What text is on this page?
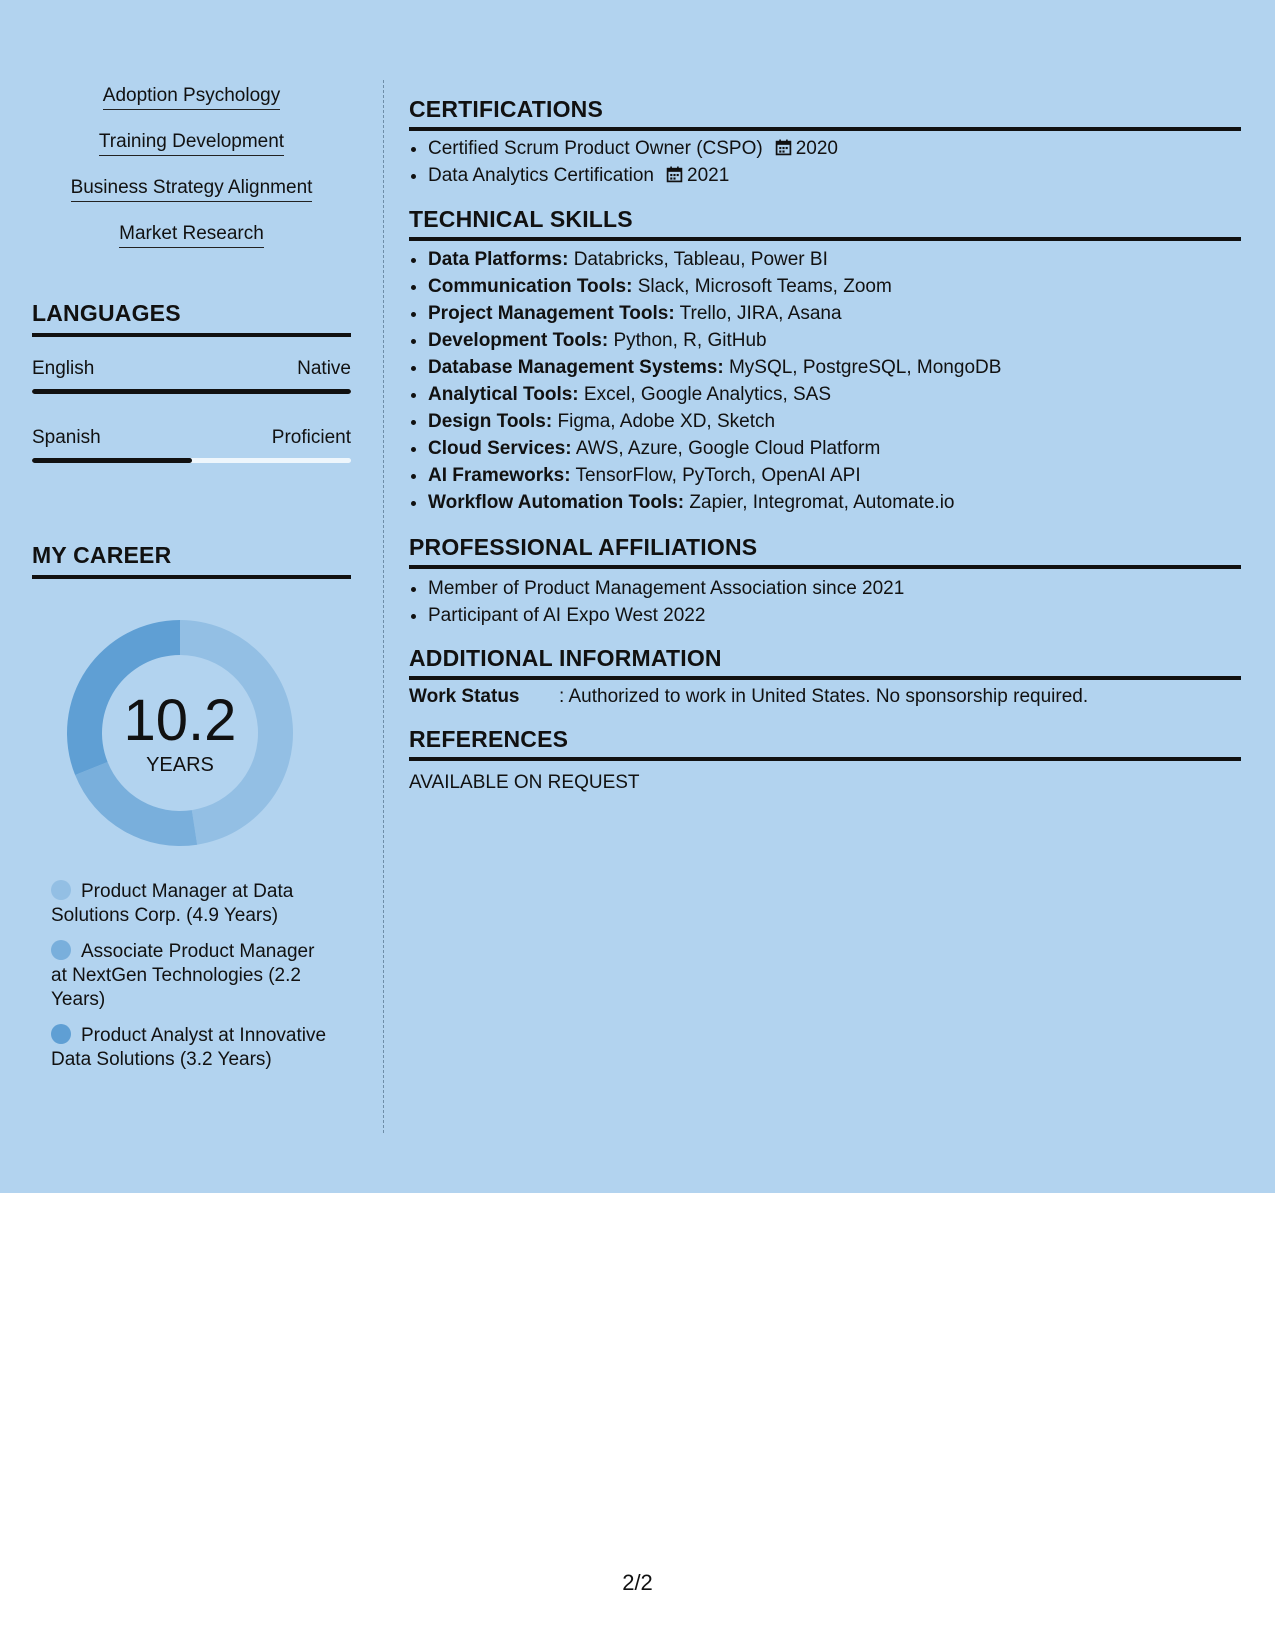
Adoption Psychology
Training Development
Business Strategy Alignment
Market Research
LANGUAGES
English	Native
Spanish	Proficient
MY CAREER
10.2
YEARS
Product Manager at Data Solutions Corp. (4.9 Years)
Associate Product Manager at NextGen Technologies (2.2 Years)
Product Analyst at Innovative Data Solutions (3.2 Years)
CERTIFICATIONS
• Certified Scrum Product Owner (CSPO) 2020
• Data Analytics Certification 2021
TECHNICAL SKILLS
• Data Platforms: Databricks, Tableau, Power BI
• Communication Tools: Slack, Microsoft Teams, Zoom
• Project Management Tools: Trello, JIRA, Asana
• Development Tools: Python, R, GitHub
• Database Management Systems: MySQL, PostgreSQL, MongoDB
• Analytical Tools: Excel, Google Analytics, SAS
• Design Tools: Figma, Adobe XD, Sketch
• Cloud Services: AWS, Azure, Google Cloud Platform
• AI Frameworks: TensorFlow, PyTorch, OpenAI API
• Workflow Automation Tools: Zapier, Integromat, Automate.io
PROFESSIONAL AFFILIATIONS
• Member of Product Management Association since 2021
• Participant of AI Expo West 2022
ADDITIONAL INFORMATION
Work Status : Authorized to work in United States. No sponsorship required.
REFERENCES
AVAILABLE ON REQUEST
2/2
